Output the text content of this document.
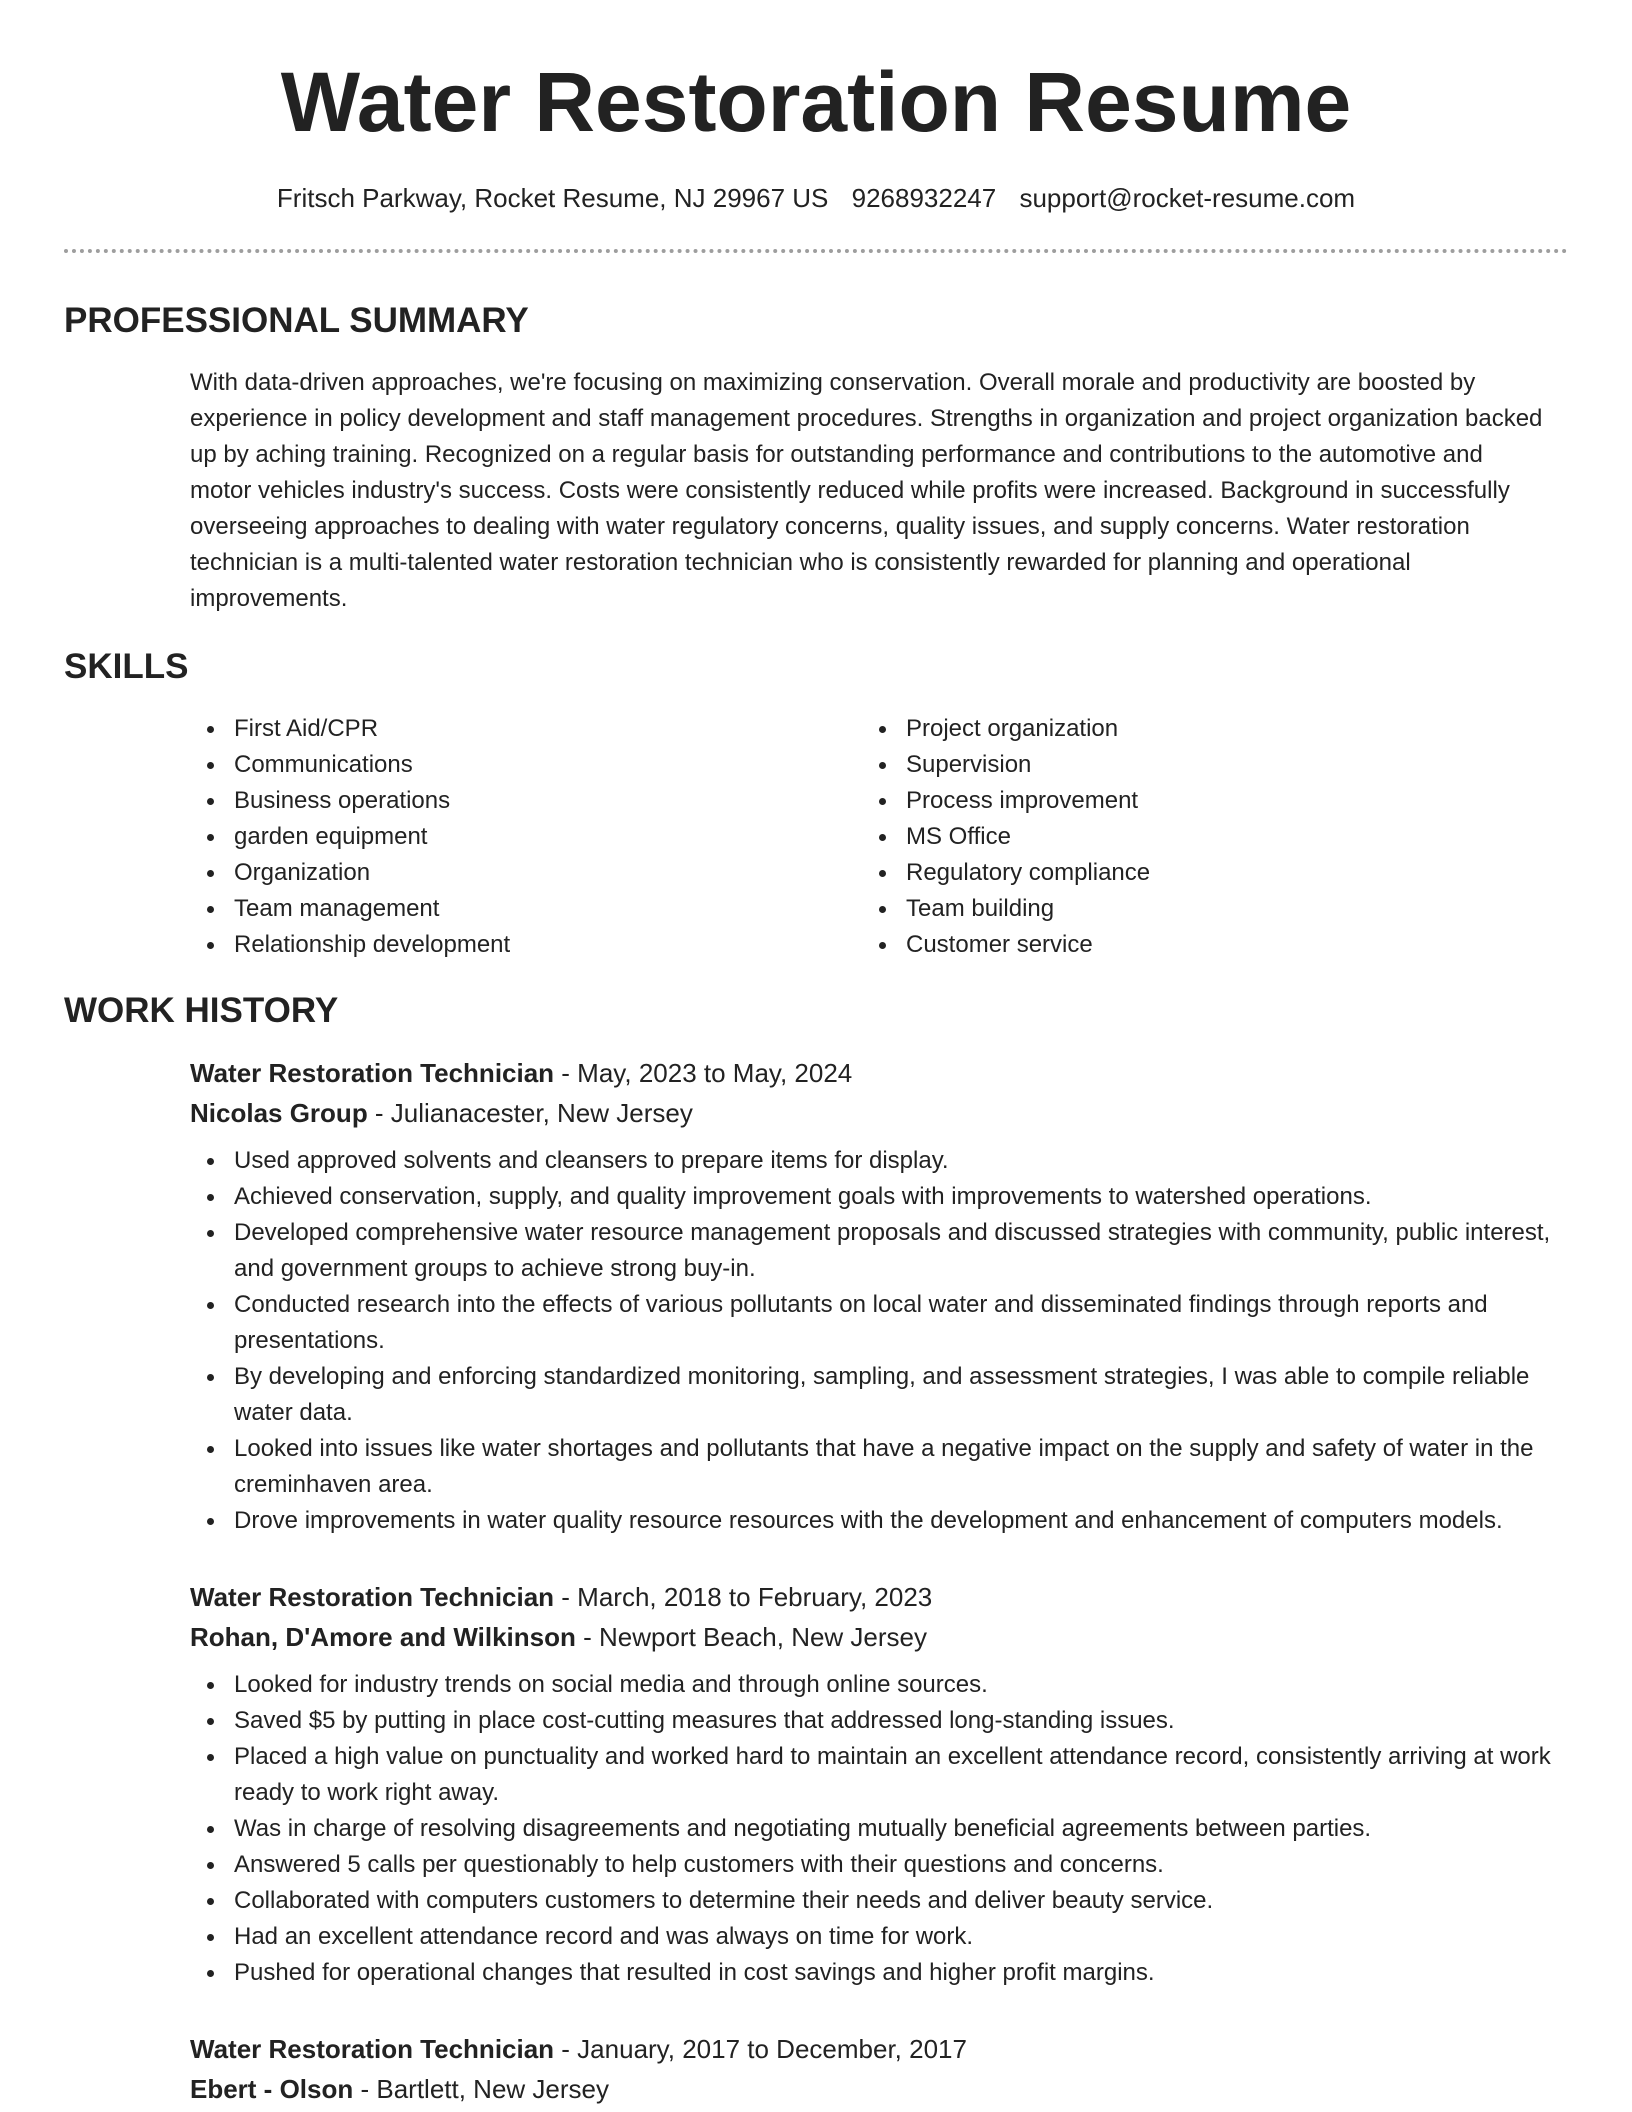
Water Restoration Resume
Fritsch Parkway, Rocket Resume, NJ 29967 US 9268932247 support@rocket-resume.com
PROFESSIONAL SUMMARY

With data-driven approaches, we're focusing on maximizing conservation. Overall morale and productivity are boosted by experience in policy development and staff management procedures. Strengths in organization and project organization backed up by aching training. Recognized on a regular basis for outstanding performance and contributions to the automotive and motor vehicles industry's success. Costs were consistently reduced while profits were increased. Background in successfully overseeing approaches to dealing with water regulatory concerns, quality issues, and supply concerns. Water restoration technician is a multi-talented water restoration technician who is consistently rewarded for planning and operational improvements.

SKILLS
First Aid/CPR
Communications
Business operations
garden equipment
Organization
Team management
Relationship development
Project organization
Supervision
Process improvement
MS Office
Regulatory compliance
Team building
Customer service
WORK HISTORY
Water Restoration Technician - May, 2023 to May, 2024
Nicolas Group - Julianacester, New Jersey
Used approved solvents and cleansers to prepare items for display.
Achieved conservation, supply, and quality improvement goals with improvements to watershed operations.
Developed comprehensive water resource management proposals and discussed strategies with community, public interest, and government groups to achieve strong buy-in.
Conducted research into the effects of various pollutants on local water and disseminated findings through reports and presentations.
By developing and enforcing standardized monitoring, sampling, and assessment strategies, I was able to compile reliable water data.
Looked into issues like water shortages and pollutants that have a negative impact on the supply and safety of water in the creminhaven area.
Drove improvements in water quality resource resources with the development and enhancement of computers models.
Water Restoration Technician - March, 2018 to February, 2023
Rohan, D'Amore and Wilkinson - Newport Beach, New Jersey
Looked for industry trends on social media and through online sources.
Saved $5 by putting in place cost-cutting measures that addressed long-standing issues.
Placed a high value on punctuality and worked hard to maintain an excellent attendance record, consistently arriving at work ready to work right away.
Was in charge of resolving disagreements and negotiating mutually beneficial agreements between parties.
Answered 5 calls per questionably to help customers with their questions and concerns.
Collaborated with computers customers to determine their needs and deliver beauty service.
Had an excellent attendance record and was always on time for work.
Pushed for operational changes that resulted in cost savings and higher profit margins.
Water Restoration Technician - January, 2017 to December, 2017
Ebert - Olson - Bartlett, New Jersey
